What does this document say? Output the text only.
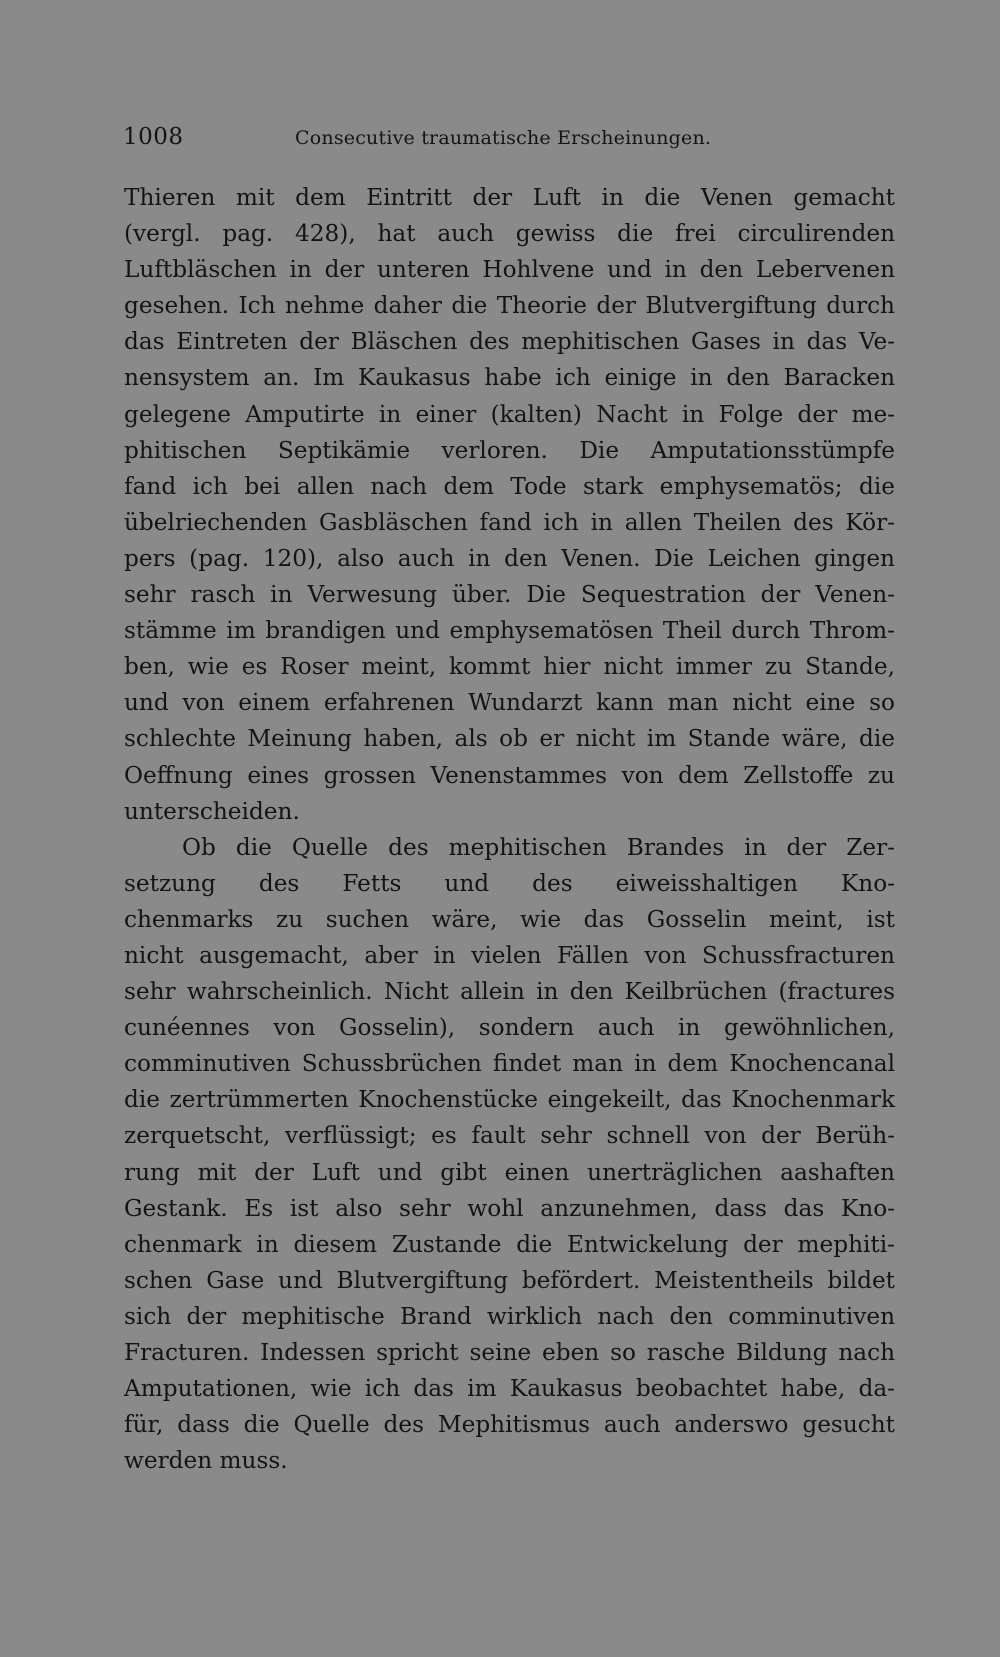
1008	Consecutive traumatische Erscheinungen.
Thieren mit dem Eintritt der Luft in die Venen gemacht
(vergl. pag. 428), hat auch gewiss die frei circulirenden
Luftbläschen in der unteren Hohlvene und in den Lebervenen
gesehen. Ich nehme daher die Theorie der Blutvergiftung durch
das Eintreten der Bläschen des mephitischen Gases in das Ve-
nensystem an. Im Kaukasus habe ich einige in den Baracken
gelegene Amputirte in einer (kalten) Nacht in Folge der me-
phitischen Septikämie verloren. Die Amputationsstümpfe
fand ich bei allen nach dem Tode stark emphysematös; die
übelriechenden Gasbläschen fand ich in allen Theilen des Kör-
pers (pag. 120), also auch in den Venen. Die Leichen gingen
sehr rasch in Verwesung über. Die Sequestration der Venen-
stämme im brandigen und emphysematösen Theil durch Throm-
ben, wie es Roser meint, kommt hier nicht immer zu Stande,
und von einem erfahrenen Wundarzt kann man nicht eine so
schlechte Meinung haben, als ob er nicht im Stande wäre, die
Oeffnung eines grossen Venenstammes von dem Zellstoffe zu
unterscheiden.
Ob die Quelle des mephitischen Brandes in der Zer-
setzung des Fetts und des eiweisshaltigen Kno-
chenmarks zu suchen wäre, wie das Gosselin meint, ist
nicht ausgemacht, aber in vielen Fällen von Schussfracturen
sehr wahrscheinlich. Nicht allein in den Keilbrüchen (fractures
cunéennes von Gosselin), sondern auch in gewöhnlichen,
comminutiven Schussbrüchen findet man in dem Knochencanal
die zertrümmerten Knochenstücke eingekeilt, das Knochenmark
zerquetscht, verflüssigt; es fault sehr schnell von der Berüh-
rung mit der Luft und gibt einen unerträglichen aashaften
Gestank. Es ist also sehr wohl anzunehmen, dass das Kno-
chenmark in diesem Zustande die Entwickelung der mephiti-
schen Gase und Blutvergiftung befördert. Meistentheils bildet
sich der mephitische Brand wirklich nach den comminutiven
Fracturen. Indessen spricht seine eben so rasche Bildung nach
Amputationen, wie ich das im Kaukasus beobachtet habe, da-
für, dass die Quelle des Mephitismus auch anderswo gesucht
werden muss.
